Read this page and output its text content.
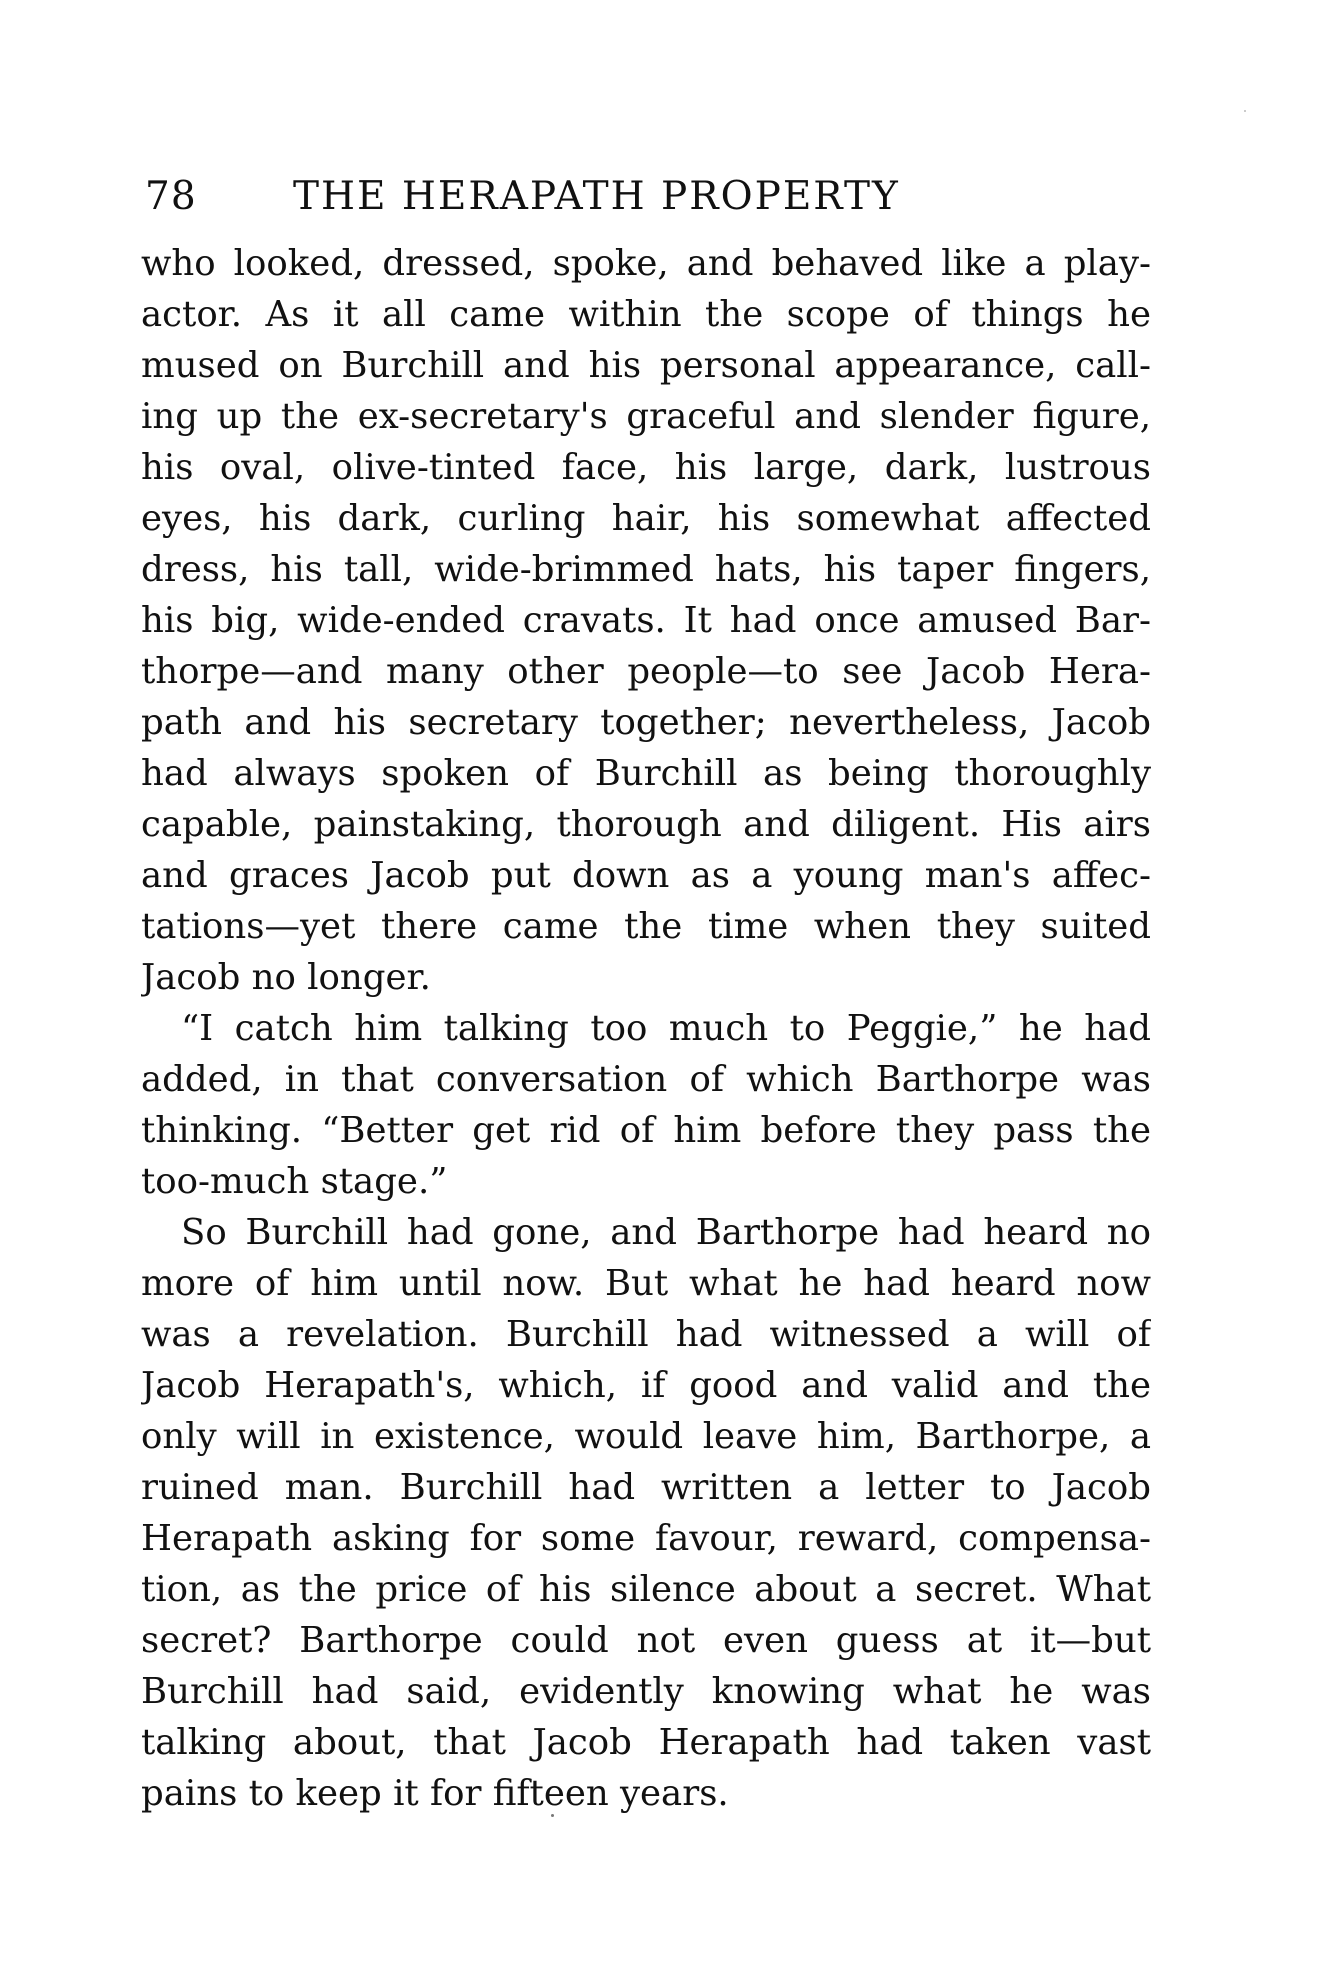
78 THE HERAPATH PROPERTY
who looked, dressed, spoke, and behaved like a play-
actor. As it all came within the scope of things he
mused on Burchill and his personal appearance, call-
ing up the ex-secretary's graceful and slender figure,
his oval, olive-tinted face, his large, dark, lustrous
eyes, his dark, curling hair, his somewhat affected
dress, his tall, wide-brimmed hats, his taper fingers,
his big, wide-ended cravats. It had once amused Bar-
thorpe—and many other people—to see Jacob Hera-
path and his secretary together; nevertheless, Jacob
had always spoken of Burchill as being thoroughly
capable, painstaking, thorough and diligent. His airs
and graces Jacob put down as a young man's affec-
tations—yet there came the time when they suited
Jacob no longer.
“I catch him talking too much to Peggie,” he had
added, in that conversation of which Barthorpe was
thinking. “Better get rid of him before they pass the
too-much stage.”
So Burchill had gone, and Barthorpe had heard no
more of him until now. But what he had heard now
was a revelation. Burchill had witnessed a will of
Jacob Herapath's, which, if good and valid and the
only will in existence, would leave him, Barthorpe, a
ruined man. Burchill had written a letter to Jacob
Herapath asking for some favour, reward, compensa-
tion, as the price of his silence about a secret. What
secret? Barthorpe could not even guess at it—but
Burchill had said, evidently knowing what he was
talking about, that Jacob Herapath had taken vast
pains to keep it for fifteen years.
